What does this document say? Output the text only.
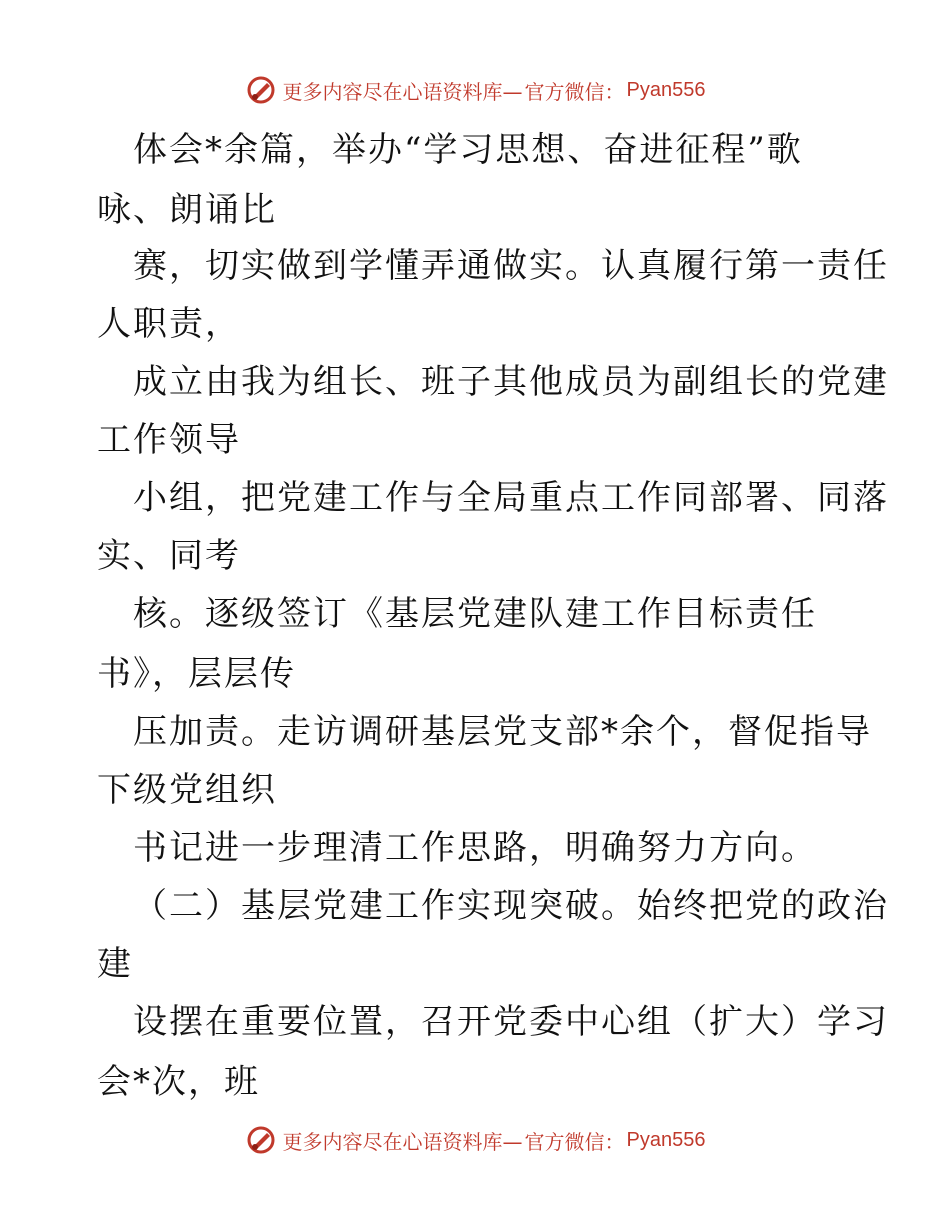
更多内容尽在心语资料库— 官方微信： Pyan556
体会*余篇，举办“学习思想、奋进征程”歌
咏、朗诵比
赛，切实做到学懂弄通做实。认真履行第一责任
人职责，
成立由我为组长、班子其他成员为副组长的党建
工作领导
小组，把党建工作与全局重点工作同部署、同落
实、同考
核。逐级签订《基层党建队建工作目标责任
书》，层层传
压加责。走访调研基层党支部*余个，督促指导
下级党组织
书记进一步理清工作思路，明确努力方向。
（二）基层党建工作实现突破。始终把党的政治
建
设摆在重要位置，召开党委中心组（扩大）学习
会*次，班
更多内容尽在心语资料库— 官方微信： Pyan556
